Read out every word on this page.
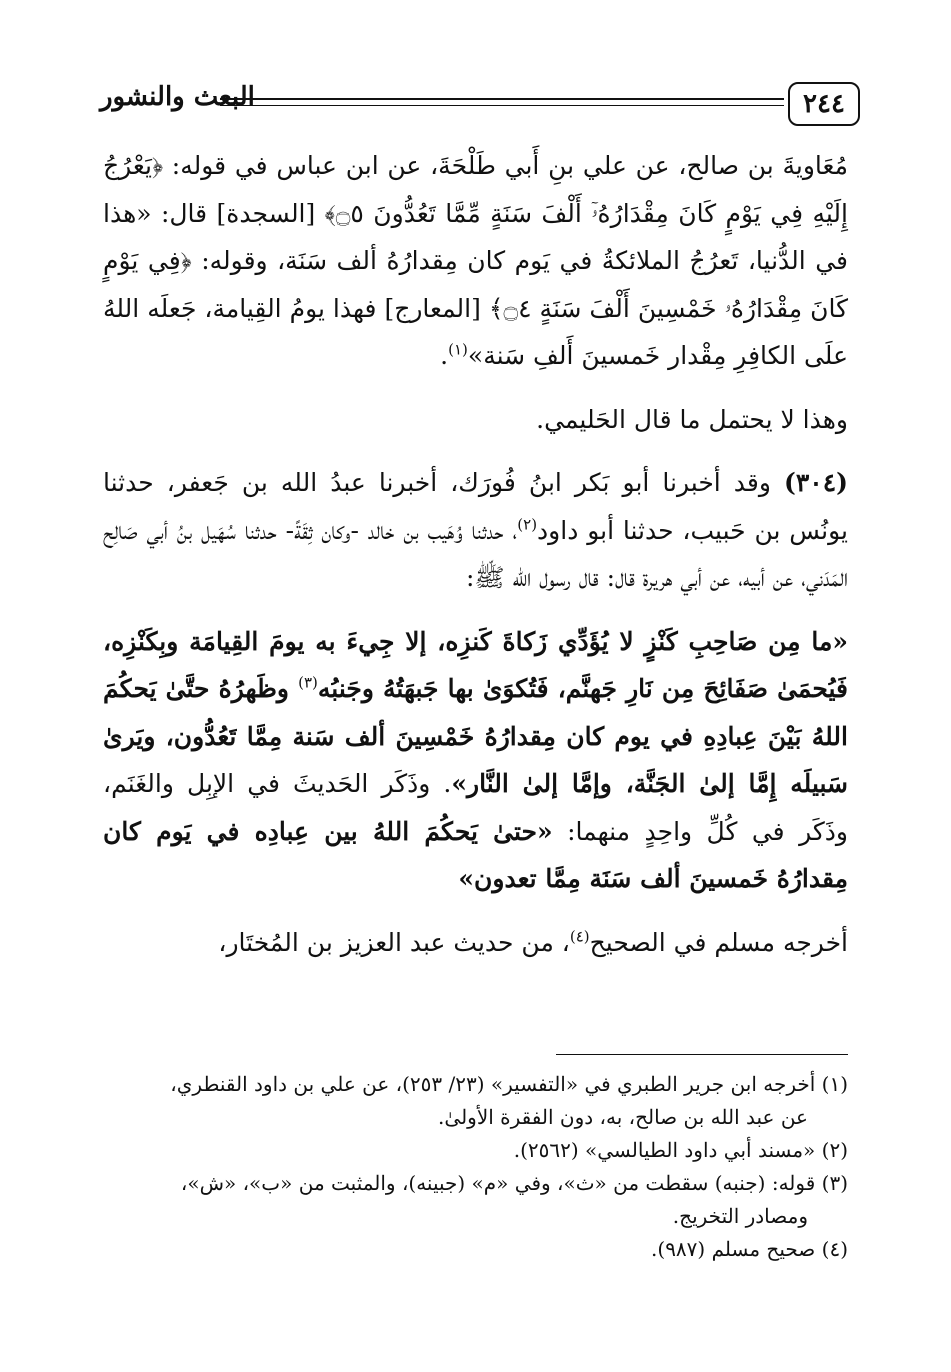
٢٤٤
البعث والنشور

مُعَاويةَ بن صالح، عن علي بنِ أَبي طَلْحَةَ، عن ابن عباس في قوله: ﴿يَعْرُجُ إِلَيْهِ فِي يَوْمٍ كَانَ مِقْدَارُهُۥٓ أَلْفَ سَنَةٍ مِّمَّا تَعُدُّونَ ۝٥﴾ [السجدة] قال: «هذا في الدُّنيا، تَعرُجُ الملائكةُ في يَوم كان مِقدارُهُ ألف سَنَة، وقوله: ﴿فِي يَوْمٍ كَانَ مِقْدَارُهُۥ خَمْسِينَ أَلْفَ سَنَةٍ ۝٤﴾ [المعارج] فهذا يومُ القِيامة، جَعلَه اللهُ علَى الكافِرِ مِقْدار خَمسينَ أَلفِ سَنة»$^{(١)}$.

وهذا لا يحتمل ما قال الحَليمي.

(٣٠٤) وقد أخبرنا أبو بَكر ابنُ فُورَك، أخبرنا عبدُ الله بن جَعفر، حدثنا يونُس بن حَبيب، حدثنا أبو داود$^{(٢)}$، حدثنا وُهَيب بن خالد -وكان ثِقَةً- حدثنا سُهَيل بنُ أبي صَالِح المَدَني، عن أبيه، عن أبي هريرة قال: قال رسول الله ﷺ:

«ما مِن صَاحِبِ كَنْزٍ لا يُؤَدِّي زَكاةَ كَنزِه، إلا جِيءَ به يومَ القِيامَة وبِكَنْزِه، فَيُحمَىٰ صَفَائِحَ مِن نَارِ جَهنَّم، فَتُكوَىٰ بها جَبهَتُهُ وجَنبُه$^{(٣)}$ وظَهرُهُ حتَّىٰ يَحكُمَ اللهُ بَيْنَ عِبادِهِ في يوم كان مِقدارُهُ خَمْسِينَ ألف سَنة مِمَّا تَعُدُّون، ويَرىٰ سَبيلَه إِمَّا إلىٰ الجَنَّة، وإمَّا إلىٰ النَّار». وذَكَر الحَديثَ في الإبِل والغَنَم، وذَكَر في كُلِّ واحِدٍ منهما: «حتىٰ يَحكُمَ اللهُ بين عِبادِه في يَوم كان مِقدارُهُ خَمسينَ ألف سَنَة مِمَّا تعدون»

أخرجه مسلم في الصحيح$^{(٤)}$، من حديث عبد العزيز بن المُختَار،

(١) أخرجه ابن جرير الطبري في «التفسير» (٢٣/ ٢٥٣)، عن علي بن داود القنطري،

عن عبد الله بن صالح، به، دون الفقرة الأولىٰ.

(٢) «مسند أبي داود الطيالسي» (٢٥٦٢).

(٣) قوله: (جنبه) سقطت من «ث»، وفي «م» (جبينه)، والمثبت من «ب»، «ش»،

ومصادر التخريج.

(٤) صحيح مسلم (٩٨٧).
